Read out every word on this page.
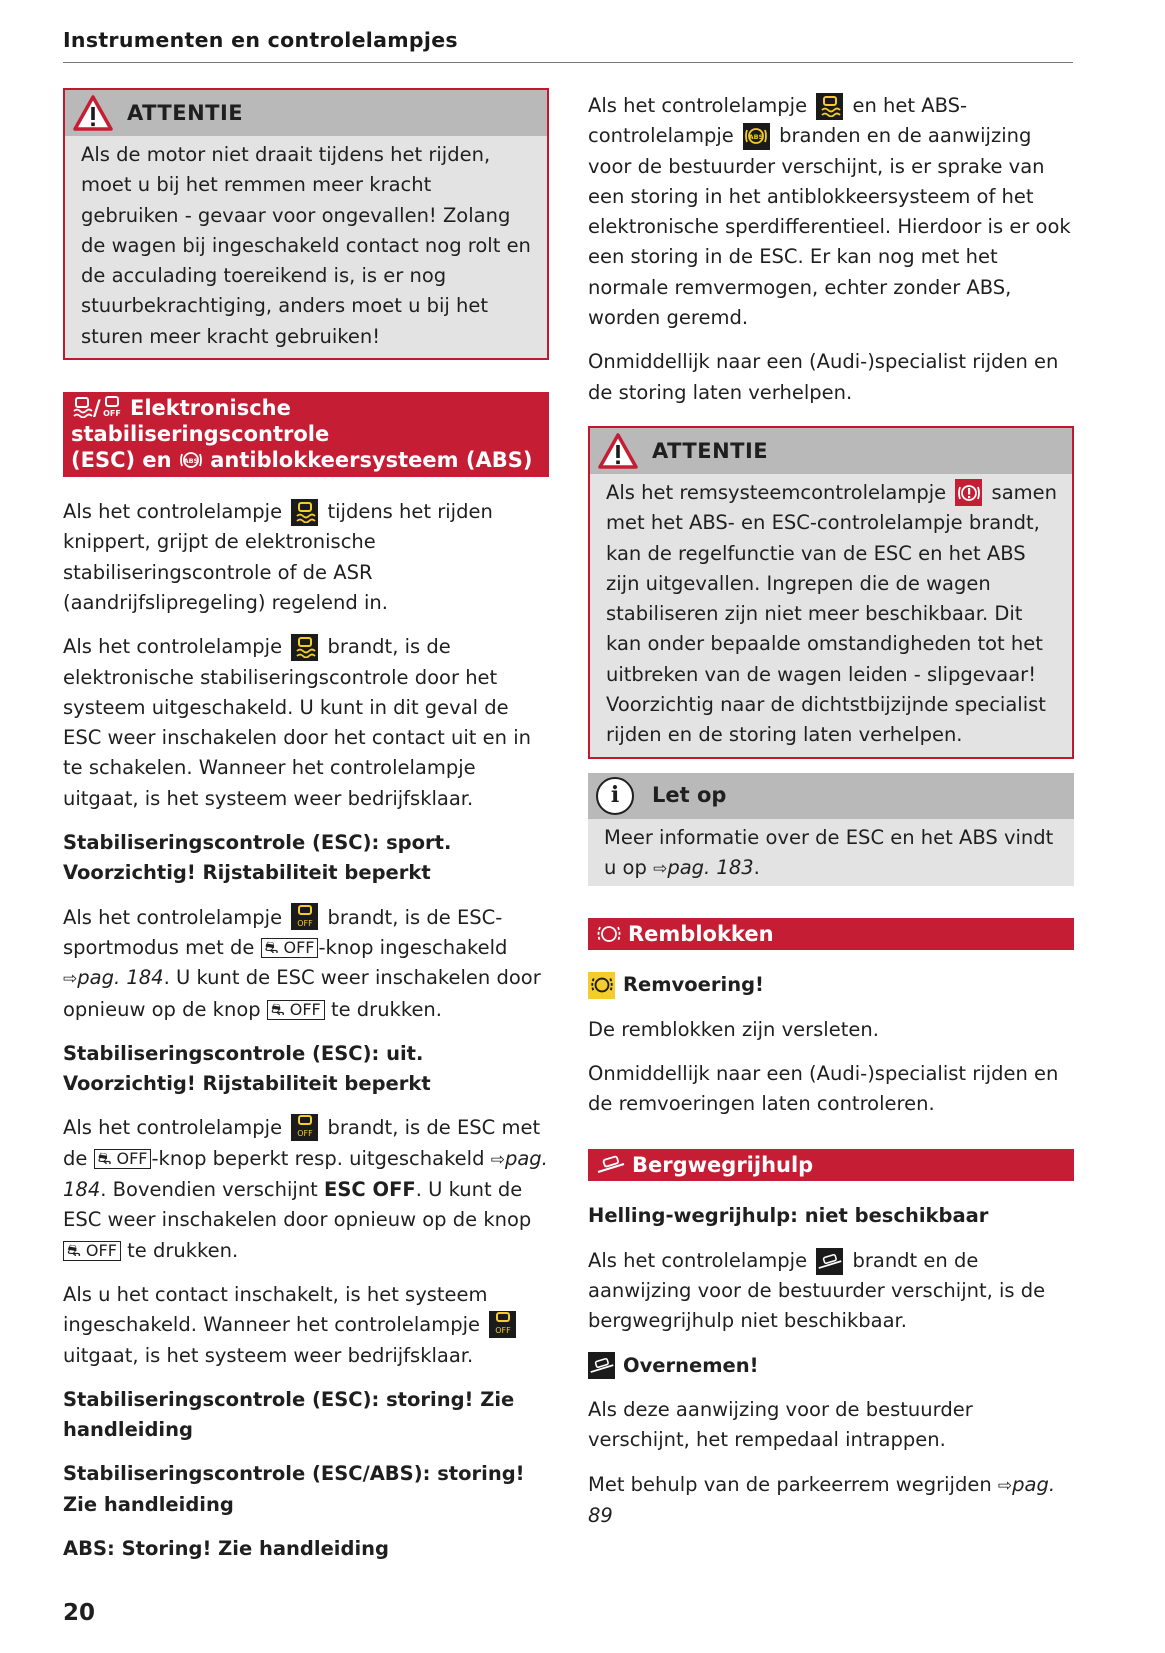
Instrumenten en controlelampjes
ATTENTIE
Als de motor niet draait tijdens het rijden, moet u bij het remmen meer kracht gebruiken - gevaar voor ongevallen! Zolang de wagen bij ingeschakeld contact nog rolt en de acculading toereikend is, is er nog stuurbekrachtiging, anders moet u bij het sturen meer kracht gebruiken!
/ OFF Elektronische stabiliseringscontrole
(ESC) en ABS antiblokkeersysteem (ABS)

Als het controlelampje tijdens het rijden knippert, grijpt de elektronische stabiliseringscontrole of de ASR (aandrijfslipregeling) regelend in.

Als het controlelampje brandt, is de elektronische stabiliseringscontrole door het systeem uitgeschakeld. U kunt in dit geval de ESC weer inschakelen door het contact uit en in te schakelen. Wanneer het controlelampje uitgaat, is het systeem weer bedrijfsklaar.

Stabiliseringscontrole (ESC): sport. Voorzichtig! Rijstabiliteit beperkt

Als het controlelampje OFF brandt, is de ESC-sportmodus met de ⛐ OFF -knop ingeschakeld ⇨pag. 184. U kunt de ESC weer inschakelen door opnieuw op de knop ⛐ OFF te drukken.

Stabiliseringscontrole (ESC): uit. Voorzichtig! Rijstabiliteit beperkt

Als het controlelampje OFF brandt, is de ESC met de ⛐ OFF -knop beperkt resp. uitgeschakeld ⇨pag. 184. Bovendien verschijnt ESC OFF. U kunt de ESC weer inschakelen door opnieuw op de knop ⛐ OFF te drukken.

Als u het contact inschakelt, is het systeem ingeschakeld. Wanneer het controlelampje OFF
uitgaat, is het systeem weer bedrijfsklaar.

Stabiliseringscontrole (ESC): storing! Zie handleiding

Stabiliseringscontrole (ESC/ABS): storing! Zie handleiding

ABS: Storing! Zie handleiding

Als het controlelampje en het ABS-controlelampje ABS branden en de aanwijzing voor de bestuurder verschijnt, is er sprake van een storing in het antiblokkeersysteem of het elektronische sperdifferentieel. Hierdoor is er ook een storing in de ESC. Er kan nog met het normale remvermogen, echter zonder ABS, worden geremd.

Onmiddellijk naar een (Audi-)specialist rijden en de storing laten verhelpen.

ATTENTIE
Als het remsysteemcontrolelampje samen met het ABS- en ESC-controlelampje brandt, kan de regelfunctie van de ESC en het ABS zijn uitgevallen. Ingrepen die de wagen stabiliseren zijn niet meer beschikbaar. Dit kan onder bepaalde omstandigheden tot het uitbreken van de wagen leiden - slipgevaar! Voorzichtig naar de dichtstbijzijnde specialist rijden en de storing laten verhelpen.
i	Let op
Meer informatie over de ESC en het ABS vindt u op ⇨pag. 183.
Remblokken
Remvoering!

De remblokken zijn versleten.

Onmiddellijk naar een (Audi-)specialist rijden en de remvoeringen laten controleren.

Bergwegrijhulp

Helling-wegrijhulp: niet beschikbaar

Als het controlelampje brandt en de aanwijzing voor de bestuurder verschijnt, is de bergwegrijhulp niet beschikbaar.

Overnemen!

Als deze aanwijzing voor de bestuurder verschijnt, het rempedaal intrappen.

Met behulp van de parkeerrem wegrijden ⇨pag. 89

20
